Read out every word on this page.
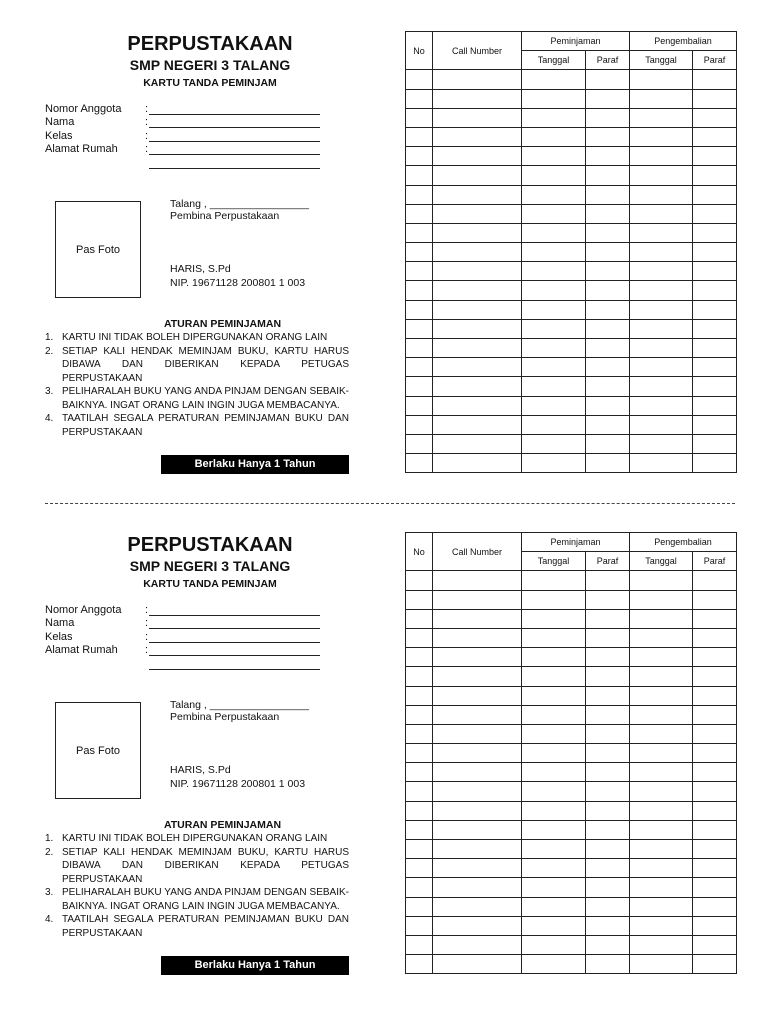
PERPUSTAKAAN
SMP NEGERI 3 TALANG
KARTU TANDA PEMINJAM
Nomor Anggota :
Nama	:
Kelas	:
Alamat Rumah :
Pas Foto
Talang , _________________
Pembina Perpustakaan
HARIS, S.Pd
NIP. 19671128 200801 1 003
ATURAN PEMINJAMAN
1. KARTU INI TIDAK BOLEH DIPERGUNAKAN ORANG LAIN
2. SETIAP KALI HENDAK MEMINJAM BUKU, KARTU HARUS DIBAWA DAN DIBERIKAN KEPADA PETUGAS PERPUSTAKAAN
3. PELIHARALAH BUKU YANG ANDA PINJAM DENGAN SEBAIK-BAIKNYA. INGAT ORANG LAIN INGIN JUGA MEMBACANYA.
4. TAATILAH SEGALA PERATURAN PEMINJAMAN BUKU DAN PERPUSTAKAAN
Berlaku Hanya 1 Tahun
No	Call Number	Peminjaman		Pengembalian	
		Tanggal	Paraf	Tanggal	Paraf

PERPUSTAKAAN
SMP NEGERI 3 TALANG
KARTU TANDA PEMINJAM
Nomor Anggota :
Nama	:
Kelas	:
Alamat Rumah :
Pas Foto
Talang , _________________
Pembina Perpustakaan
HARIS, S.Pd
NIP. 19671128 200801 1 003
ATURAN PEMINJAMAN
1. KARTU INI TIDAK BOLEH DIPERGUNAKAN ORANG LAIN
2. SETIAP KALI HENDAK MEMINJAM BUKU, KARTU HARUS DIBAWA DAN DIBERIKAN KEPADA PETUGAS PERPUSTAKAAN
3. PELIHARALAH BUKU YANG ANDA PINJAM DENGAN SEBAIK-BAIKNYA. INGAT ORANG LAIN INGIN JUGA MEMBACANYA.
4. TAATILAH SEGALA PERATURAN PEMINJAMAN BUKU DAN PERPUSTAKAAN
Berlaku Hanya 1 Tahun
No	Call Number	Peminjaman		Pengembalian	
		Tanggal	Paraf	Tanggal	Paraf
